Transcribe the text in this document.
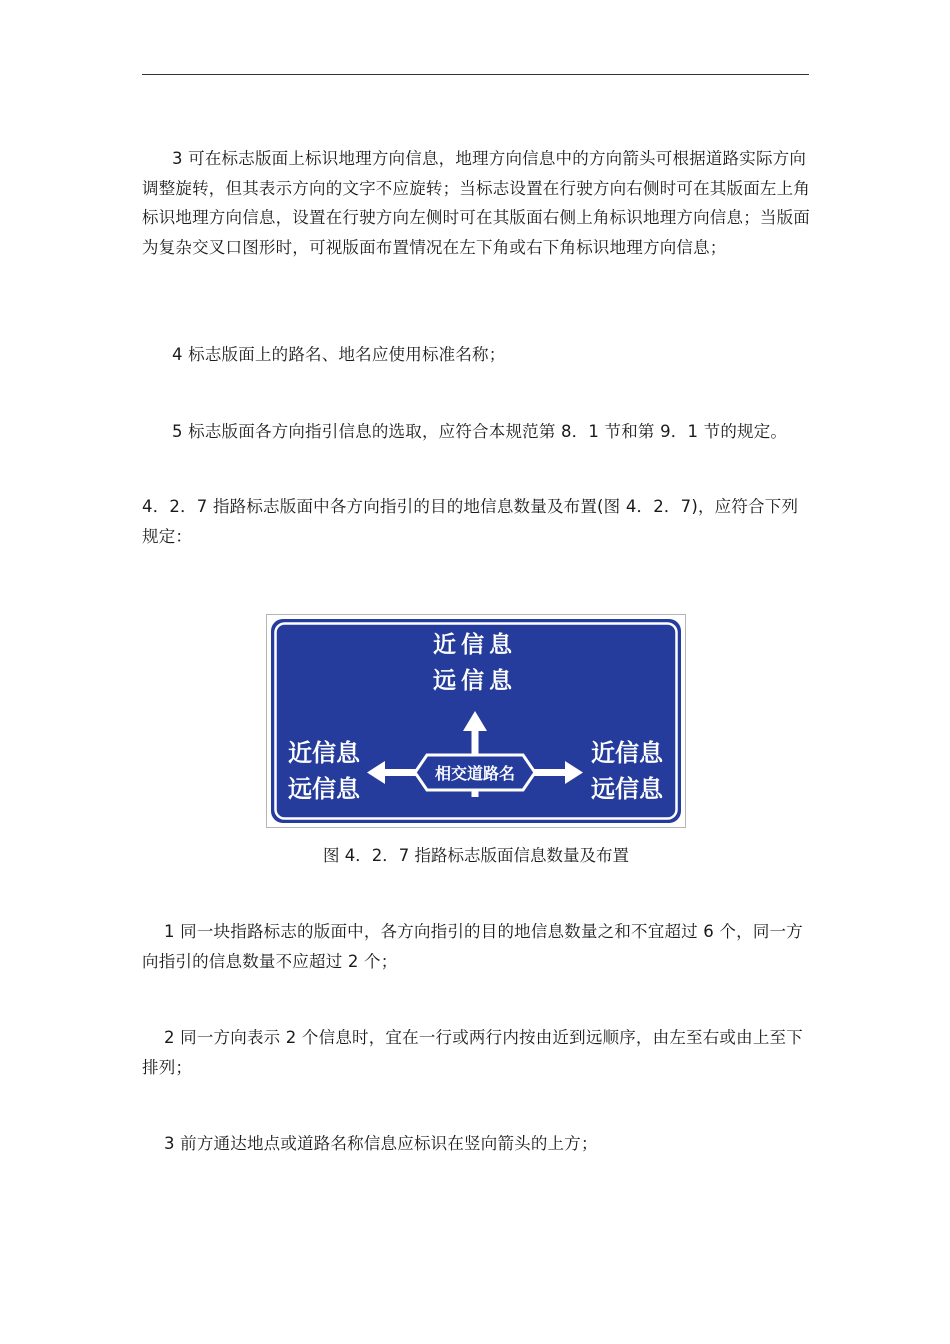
3 可在标志版面上标识地理方向信息，地理方向信息中的方向箭头可根据道路实际方向调整旋转，但其表示方向的文字不应旋转；当标志设置在行驶方向右侧时可在其版面左上角标识地理方向信息，设置在行驶方向左侧时可在其版面右侧上角标识地理方向信息；当版面为复杂交叉口图形时，可视版面布置情况在左下角或右下角标识地理方向信息；

4 标志版面上的路名、地名应使用标准名称；

5 标志版面各方向指引信息的选取，应符合本规范第 8．1 节和第 9．1 节的规定。

4．2．7 指路标志版面中各方向指引的目的地信息数量及布置(图 4．2．7)，应符合下列规定：

相交道路名
近信息
远信息
近信息
远信息
近信息
远信息
图 4．2．7 指路标志版面信息数量及布置

1 同一块指路标志的版面中，各方向指引的目的地信息数量之和不宜超过 6 个，同一方向指引的信息数量不应超过 2 个；

2 同一方向表示 2 个信息时，宜在一行或两行内按由近到远顺序，由左至右或由上至下排列；

3 前方通达地点或道路名称信息应标识在竖向箭头的上方；
